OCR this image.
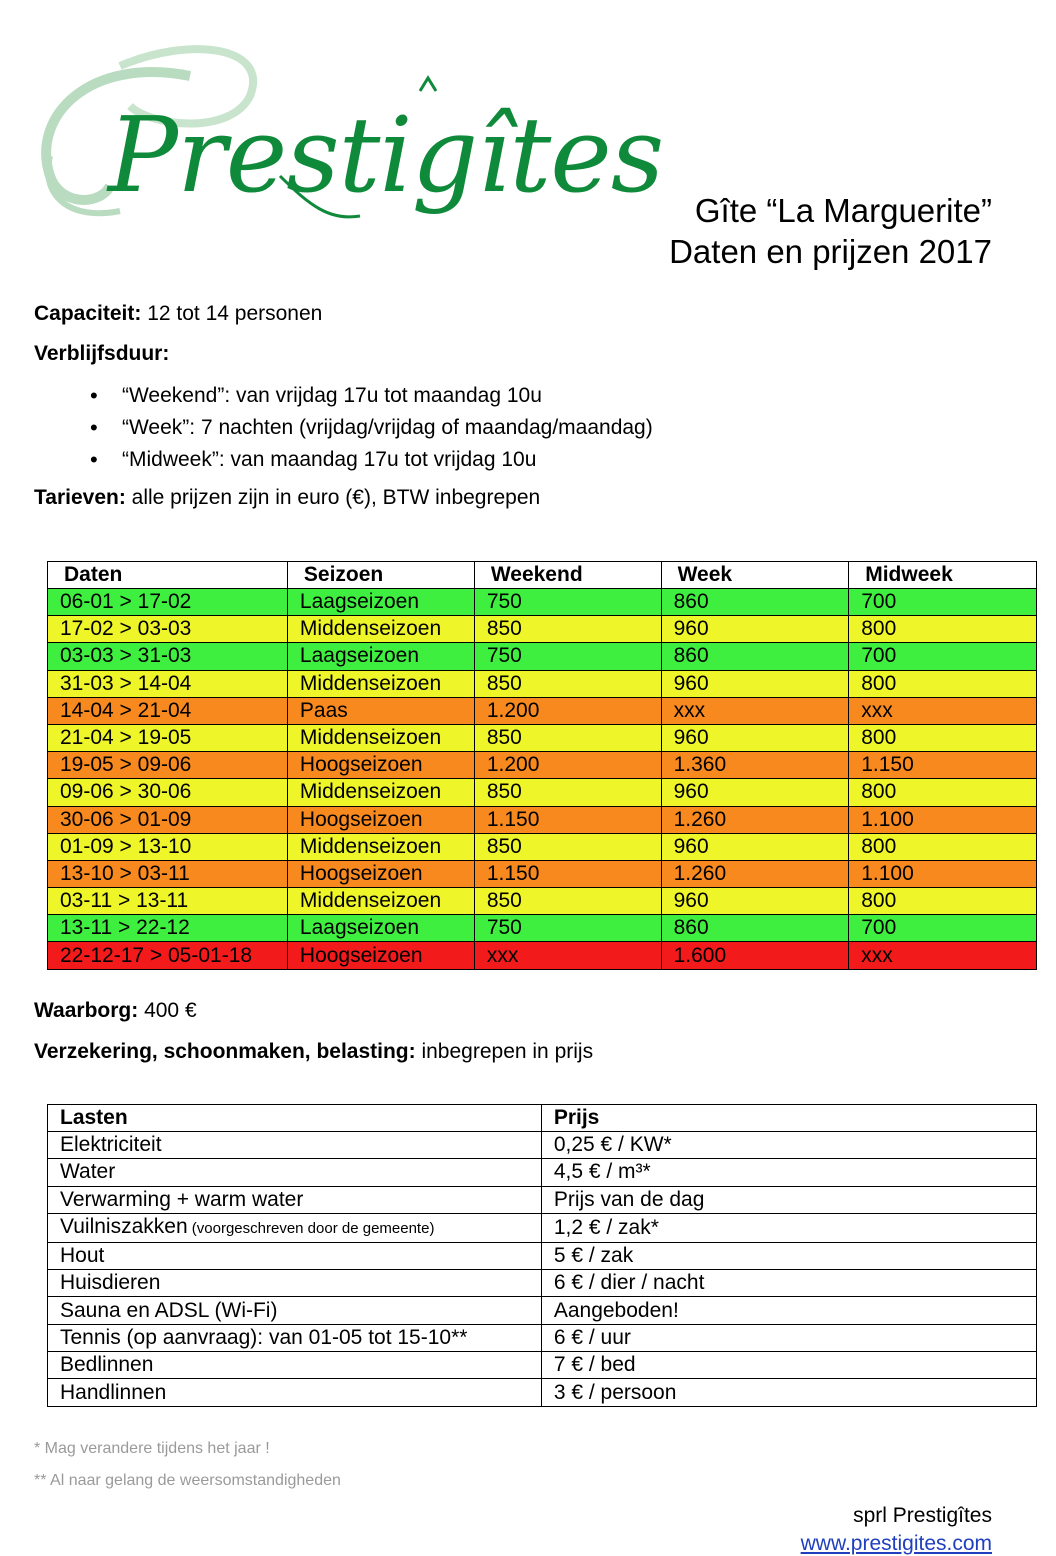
Prestigîtes Gîte “La Marguerite”
Daten en prijzen 2017
Capaciteit: 12 tot 14 personen
Verblijfsduur:
• “Weekend”: van vrijdag 17u tot maandag 10u
• “Week”: 7 nachten (vrijdag/vrijdag of maandag/maandag)
• “Midweek”: van maandag 17u tot vrijdag 10u
Tarieven: alle prijzen zijn in euro (€), BTW inbegrepen
Daten	Seizoen	Weekend	Week	Midweek
06-01 > 17-02	Laagseizoen	750	860	700
17-02 > 03-03	Middenseizoen	850	960	800
03-03 > 31-03	Laagseizoen	750	860	700
31-03 > 14-04	Middenseizoen	850	960	800
14-04 > 21-04	Paas	1.200	xxx	xxx
21-04 > 19-05	Middenseizoen	850	960	800
19-05 > 09-06	Hoogseizoen	1.200	1.360	1.150
09-06 > 30-06	Middenseizoen	850	960	800
30-06 > 01-09	Hoogseizoen	1.150	1.260	1.100
01-09 > 13-10	Middenseizoen	850	960	800
13-10 > 03-11	Hoogseizoen	1.150	1.260	1.100
03-11 > 13-11	Middenseizoen	850	960	800
13-11 > 22-12	Laagseizoen	750	860	700
22-12-17 > 05-01-18	Hoogseizoen	xxx	1.600	xxx
Waarborg: 400 €
Verzekering, schoonmaken, belasting: inbegrepen in prijs
Lasten	Prijs
Elektriciteit	0,25 € / KW*
Water	4,5 € / m³*
Verwarming + warm water	Prijs van de dag
Vuilniszakken (voorgeschreven door de gemeente)	1,2 € / zak*
Hout	5 € / zak
Huisdieren	6 € / dier / nacht
Sauna en ADSL (Wi-Fi)	Aangeboden!
Tennis (op aanvraag): van 01-05 tot 15-10**	6 € / uur
Bedlinnen	7 € / bed
Handlinnen	3 € / persoon
* Mag verandere tijdens het jaar !
** Al naar gelang de weersomstandigheden
sprl Prestigîtes
www.prestigites.com
